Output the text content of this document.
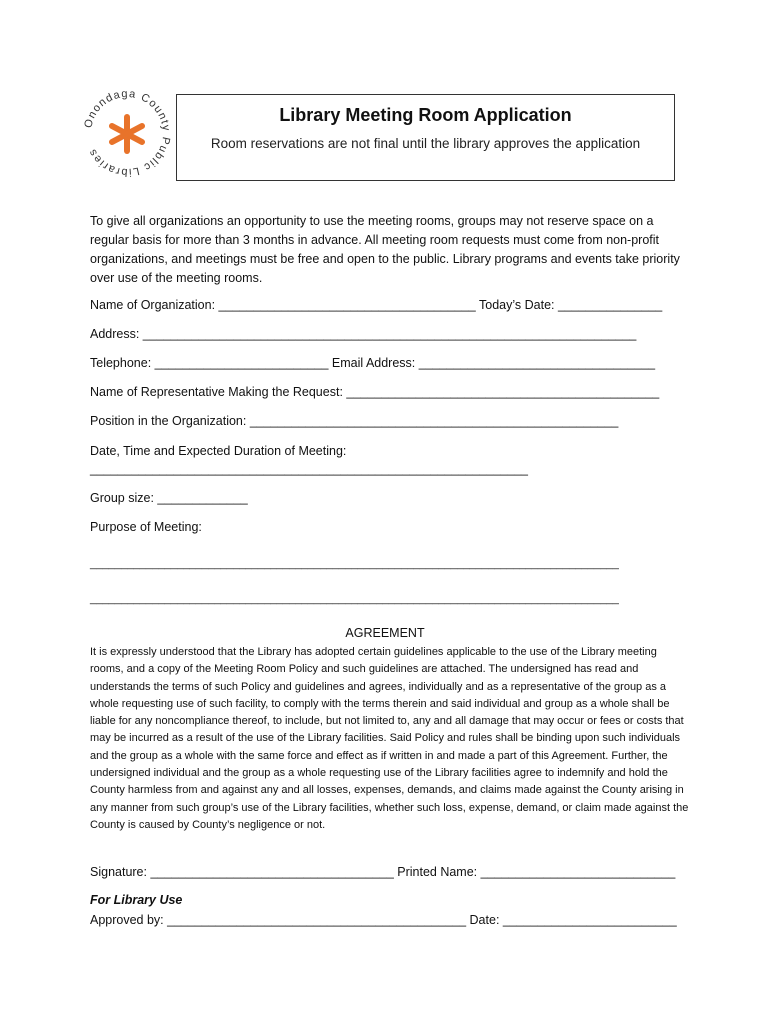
Onondaga County Public Libraries
Library Meeting Room Application

Room reservations are not final until the library approves the application

To give all organizations an opportunity to use the meeting rooms, groups may not reserve space on a regular basis for more than 3 months in advance. All meeting room requests must come from non-profit organizations, and meetings must be free and open to the public. Library programs and events take priority over use of the meeting rooms.
Name of Organization: _____________________________________ Today’s Date: _______________
Address: _______________________________________________________________________
Telephone: _________________________ Email Address: __________________________________
Name of Representative Making the Request: _____________________________________________
Position in the Organization: _____________________________________________________
Date, Time and Expected Duration of Meeting:
_______________________________________________________________
Group size: _____________
Purpose of Meeting:
_____________________________________________________________________________________
_____________________________________________________________________________________
AGREEMENT
It is expressly understood that the Library has adopted certain guidelines applicable to the use of the Library meeting rooms, and a copy of the Meeting Room Policy and such guidelines are attached. The undersigned has read and understands the terms of such Policy and guidelines and agrees, individually and as a representative of the group as a whole requesting use of such facility, to comply with the terms therein and said individual and group as a whole shall be liable for any noncompliance thereof, to include, but not limited to, any and all damage that may occur or fees or costs that may be incurred as a result of the use of the Library facilities. Said Policy and rules shall be binding upon such individuals and the group as a whole with the same force and effect as if written in and made a part of this Agreement. Further, the undersigned individual and the group as a whole requesting use of the Library facilities agree to indemnify and hold the County harmless from and against any and all losses, expenses, demands, and claims made against the County arising in any manner from such group’s use of the Library facilities, whether such loss, expense, demand, or claim made against the County is caused by County’s negligence or not.
Signature: ___________________________________ Printed Name: ____________________________
For Library Use
Approved by: ___________________________________________ Date: _________________________
